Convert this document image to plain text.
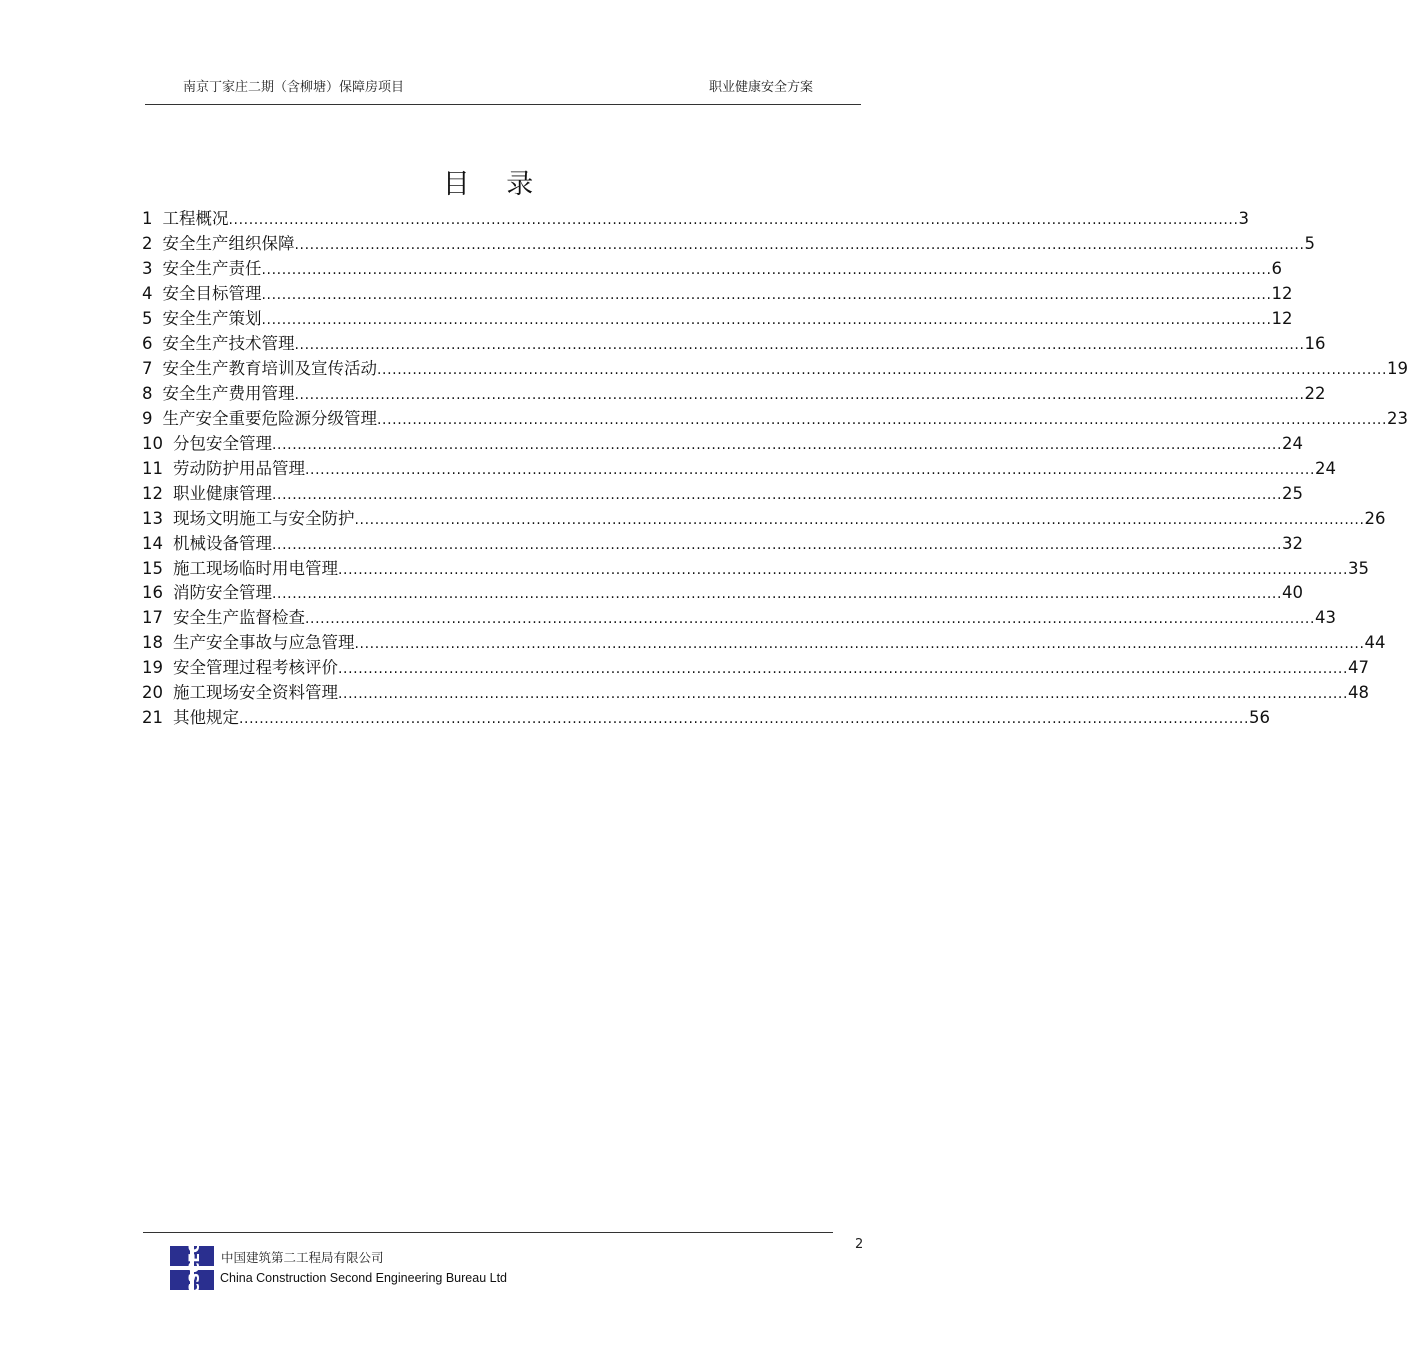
南京丁家庄二期（含柳塘）保障房项目	职业健康安全方案
目 录
1 工程概况 ........................................................................................................................................................................................................ 3
2 安全生产组织保障 ........................................................................................................................................................................................................ 5
3 安全生产责任 ........................................................................................................................................................................................................ 6
4 安全目标管理 ........................................................................................................................................................................................................ 12
5 安全生产策划 ........................................................................................................................................................................................................ 12
6 安全生产技术管理 ........................................................................................................................................................................................................ 16
7 安全生产教育培训及宣传活动 ........................................................................................................................................................................................................ 19
8 安全生产费用管理 ........................................................................................................................................................................................................ 22
9 生产安全重要危险源分级管理 ........................................................................................................................................................................................................ 23
10 分包安全管理 ........................................................................................................................................................................................................ 24
11 劳动防护用品管理 ........................................................................................................................................................................................................ 24
12 职业健康管理 ........................................................................................................................................................................................................ 25
13 现场文明施工与安全防护 ........................................................................................................................................................................................................ 26
14 机械设备管理 ........................................................................................................................................................................................................ 32
15 施工现场临时用电管理 ........................................................................................................................................................................................................ 35
16 消防安全管理 ........................................................................................................................................................................................................ 40
17 安全生产监督检查 ........................................................................................................................................................................................................ 43
18 生产安全事故与应急管理 ........................................................................................................................................................................................................ 44
19 安全管理过程考核评价 ........................................................................................................................................................................................................ 47
20 施工现场安全资料管理 ........................................................................................................................................................................................................ 48
21 其他规定 ........................................................................................................................................................................................................ 56
2
CSCEC 中国建筑第二工程局有限公司
China Construction Second Engineering Bureau Ltd
